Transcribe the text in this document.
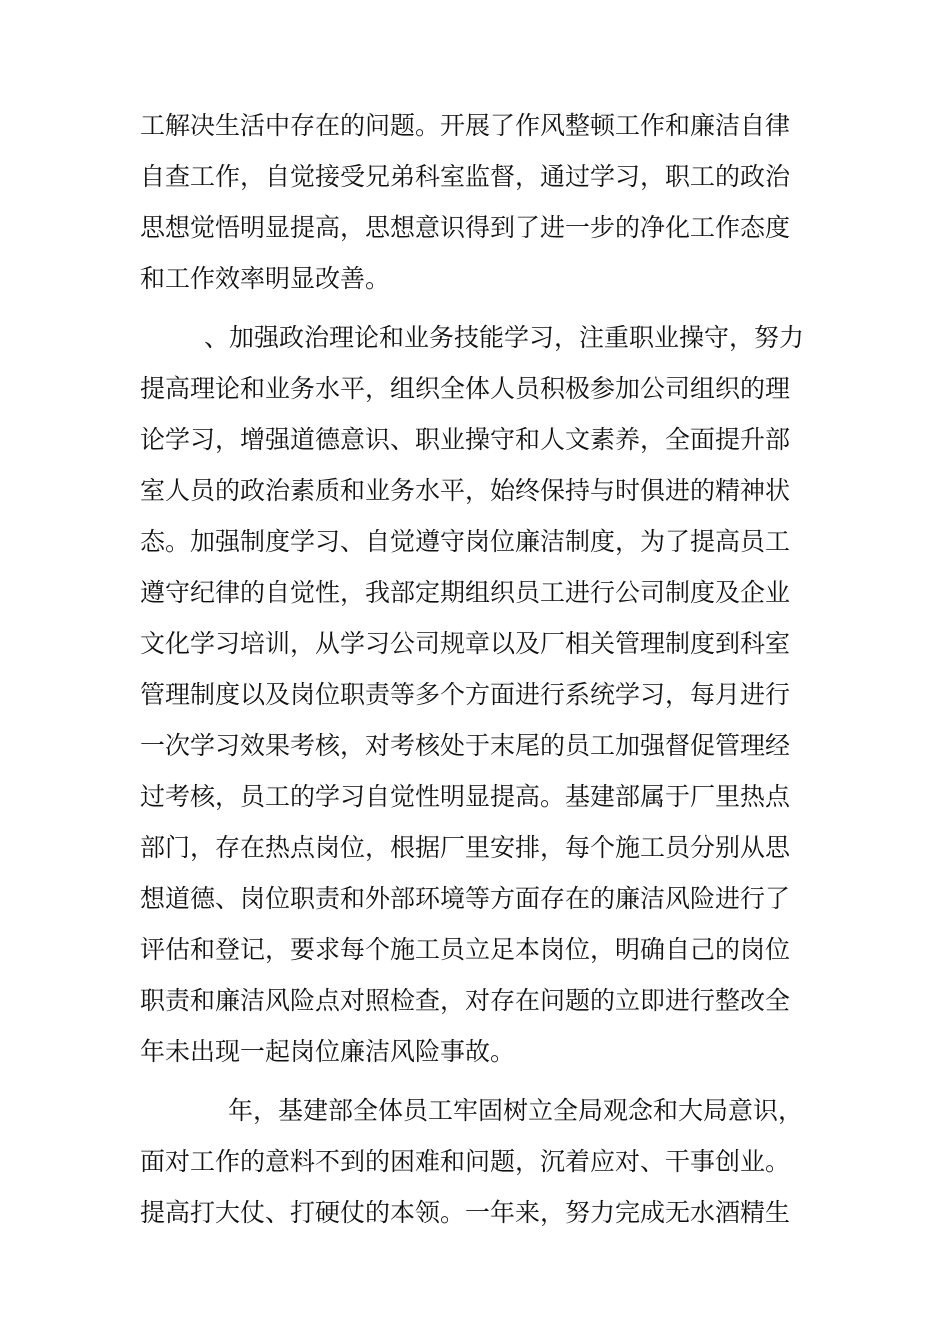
工解决生活中存在的问题。开展了作风整顿工作和廉洁自律
自查工作，自觉接受兄弟科室监督，通过学习，职工的政治
思想觉悟明显提高，思想意识得到了进一步的净化工作态度
和工作效率明显改善。
、加强政治理论和业务技能学习，注重职业操守，努力
提高理论和业务水平，组织全体人员积极参加公司组织的理
论学习，增强道德意识、职业操守和人文素养，全面提升部
室人员的政治素质和业务水平，始终保持与时俱进的精神状
态。加强制度学习、自觉遵守岗位廉洁制度，为了提高员工
遵守纪律的自觉性，我部定期组织员工进行公司制度及企业
文化学习培训，从学习公司规章以及厂相关管理制度到科室
管理制度以及岗位职责等多个方面进行系统学习，每月进行
一次学习效果考核，对考核处于末尾的员工加强督促管理经
过考核，员工的学习自觉性明显提高。基建部属于厂里热点
部门，存在热点岗位，根据厂里安排，每个施工员分别从思
想道德、岗位职责和外部环境等方面存在的廉洁风险进行了
评估和登记，要求每个施工员立足本岗位，明确自己的岗位
职责和廉洁风险点对照检查，对存在问题的立即进行整改全
年未出现一起岗位廉洁风险事故。
年，基建部全体员工牢固树立全局观念和大局意识，
面对工作的意料不到的困难和问题，沉着应对、干事创业。
提高打大仗、打硬仗的本领。一年来，努力完成无水酒精生
